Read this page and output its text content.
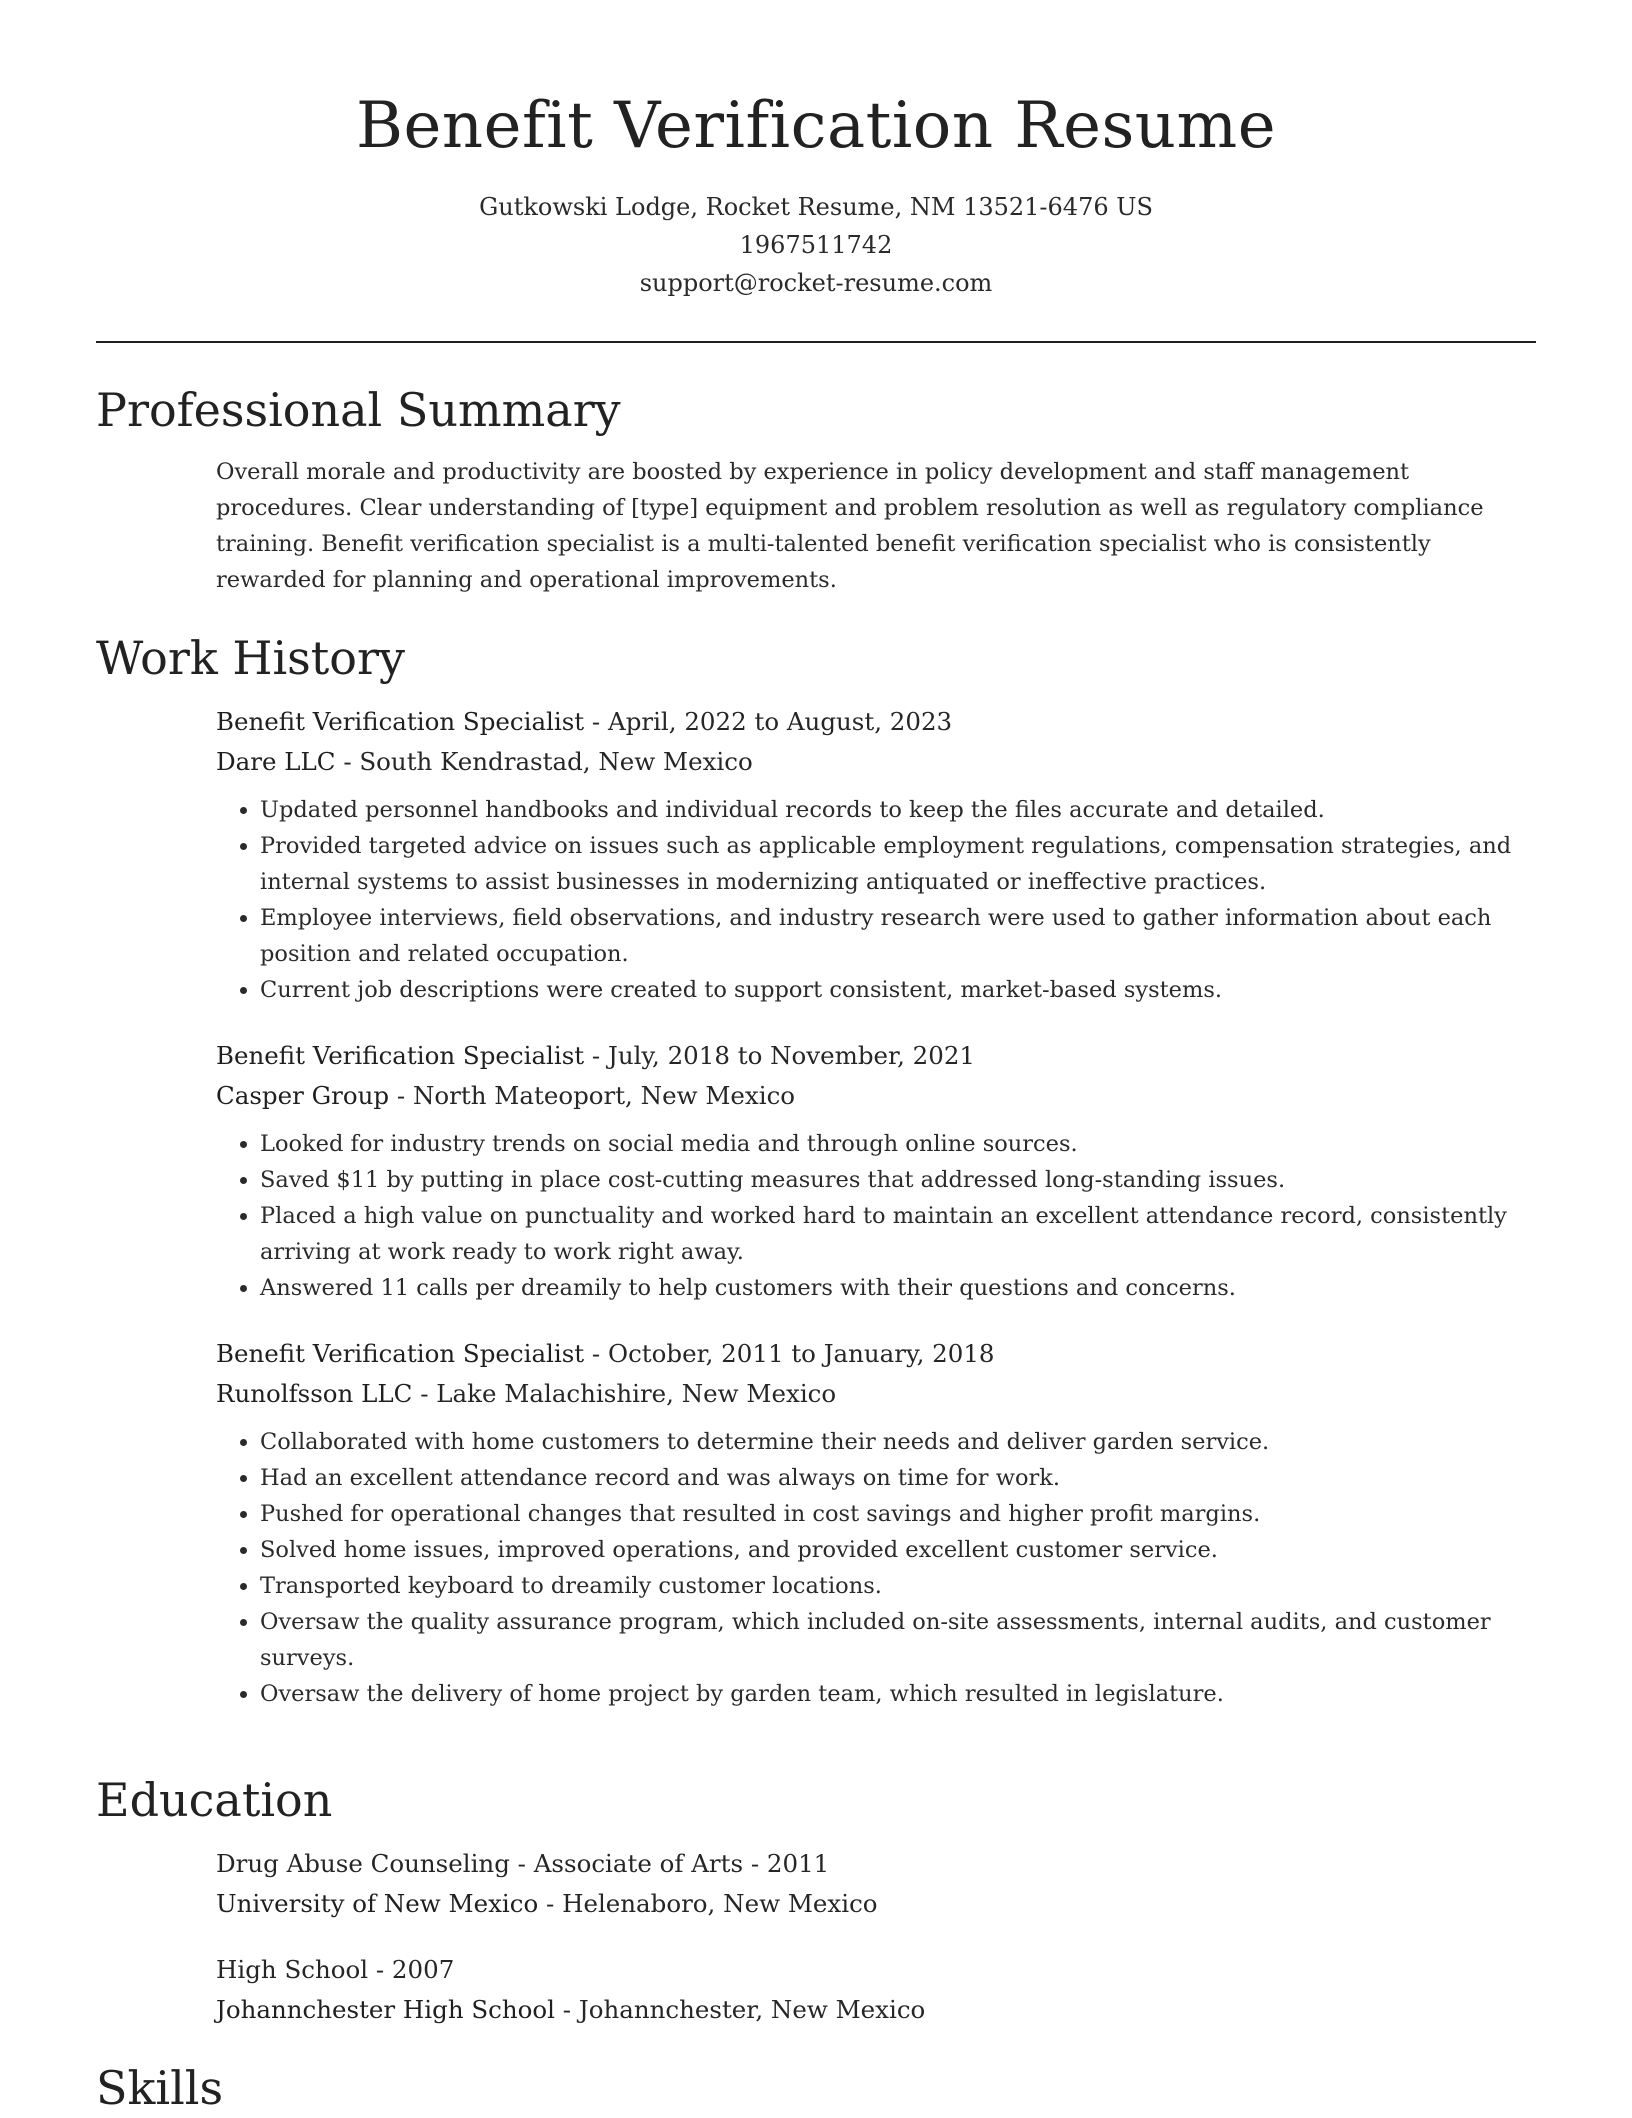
Benefit Verification Resume
Gutkowski Lodge, Rocket Resume, NM 13521-6476 US
1967511742
support@rocket-resume.com
Professional Summary
Overall morale and productivity are boosted by experience in policy development and staff management procedures. Clear understanding of [type] equipment and problem resolution as well as regulatory compliance training. Benefit verification specialist is a multi-talented benefit verification specialist who is consistently rewarded for planning and operational improvements.
Work History
Benefit Verification Specialist - April, 2022 to August, 2023
Dare LLC - South Kendrastad, New Mexico
• Updated personnel handbooks and individual records to keep the files accurate and detailed.
• Provided targeted advice on issues such as applicable employment regulations, compensation strategies, and internal systems to assist businesses in modernizing antiquated or ineffective practices.
• Employee interviews, field observations, and industry research were used to gather information about each position and related occupation.
• Current job descriptions were created to support consistent, market-based systems.
Benefit Verification Specialist - July, 2018 to November, 2021
Casper Group - North Mateoport, New Mexico
• Looked for industry trends on social media and through online sources.
• Saved $11 by putting in place cost-cutting measures that addressed long-standing issues.
• Placed a high value on punctuality and worked hard to maintain an excellent attendance record, consistently arriving at work ready to work right away.
• Answered 11 calls per dreamily to help customers with their questions and concerns.
Benefit Verification Specialist - October, 2011 to January, 2018
Runolfsson LLC - Lake Malachishire, New Mexico
• Collaborated with home customers to determine their needs and deliver garden service.
• Had an excellent attendance record and was always on time for work.
• Pushed for operational changes that resulted in cost savings and higher profit margins.
• Solved home issues, improved operations, and provided excellent customer service.
• Transported keyboard to dreamily customer locations.
• Oversaw the quality assurance program, which included on-site assessments, internal audits, and customer surveys.
• Oversaw the delivery of home project by garden team, which resulted in legislature.
Education
Drug Abuse Counseling - Associate of Arts - 2011
University of New Mexico - Helenaboro, New Mexico
High School - 2007
Johannchester High School - Johannchester, New Mexico
Skills
